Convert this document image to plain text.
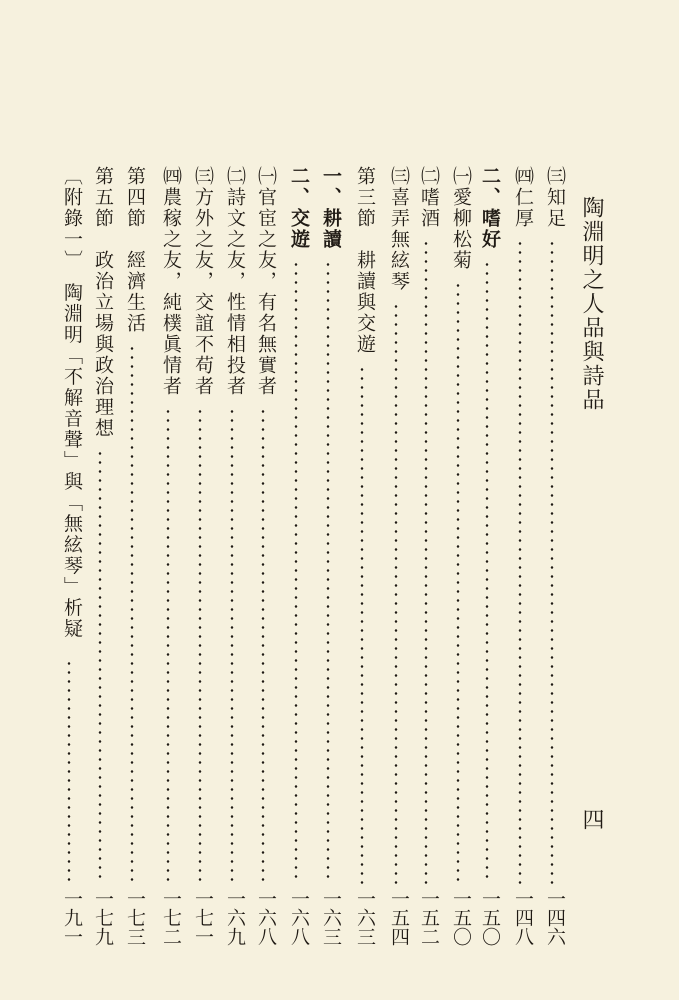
陶淵明之人品與詩品
四
㈢知足
一四六
㈣仁厚
一四八
二、嗜好
一五〇
㈠愛柳松菊
一五〇
㈡嗜酒
一五二
㈢喜弄無絃琴
一五四
第三節　耕讀與交遊
一六三
一、耕讀
一六三
二、交遊
一六八
㈠官宦之友，有名無實者
一六八
㈡詩文之友，性情相投者
一六九
㈢方外之友，交誼不苟者
一七一
㈣農稼之友，純樸眞情者
一七二
第四節　經濟生活
一七三
第五節　政治立場與政治理想
一七九
〔附錄一〕　陶淵明「不解音聲」與「無絃琴」析疑
一九一
